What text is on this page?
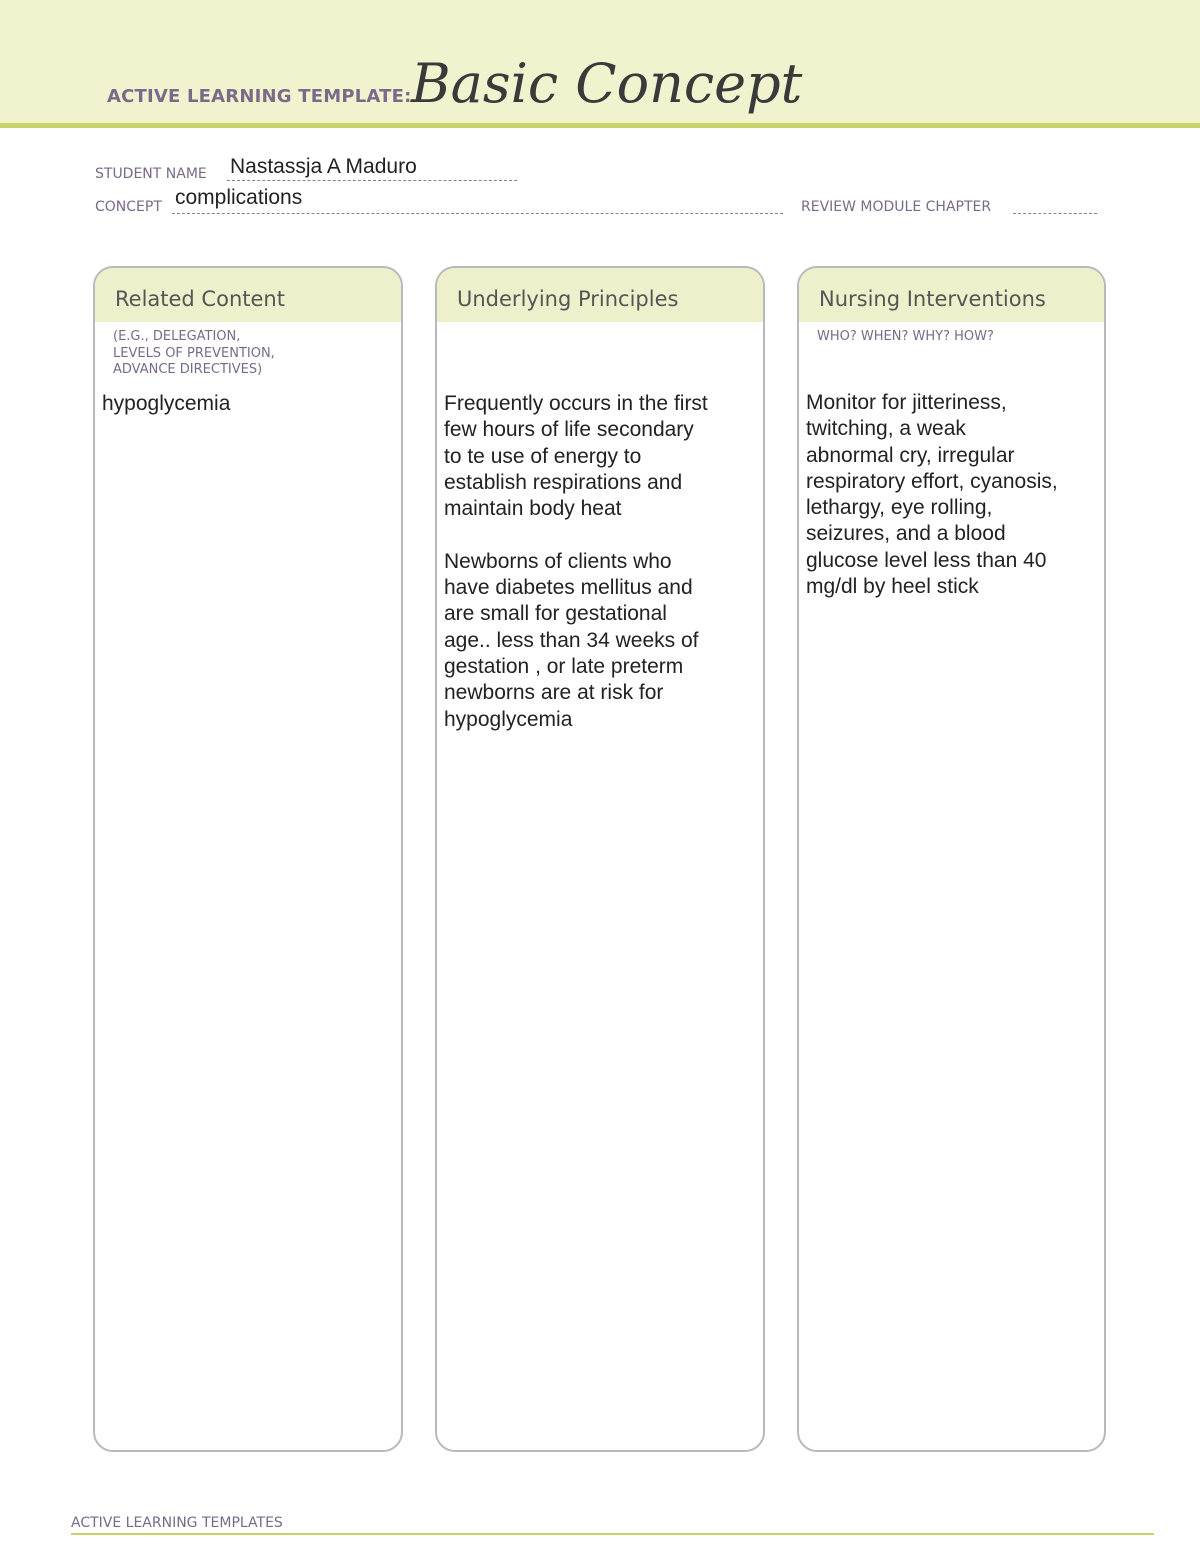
ACTIVE LEARNING TEMPLATE: Basic Concept
STUDENT NAME Nastassja A Maduro
CONCEPT complications	REVIEW MODULE CHAPTER
Related Content
(E.G., DELEGATION,
LEVELS OF PREVENTION,
ADVANCE DIRECTIVES)
hypoglycemia
Underlying Principles
Frequently occurs in the first
few hours of life secondary
to te use of energy to
establish respirations and
maintain body heat

Newborns of clients who
have diabetes mellitus and
are small for gestational
age.. less than 34 weeks of
gestation , or late preterm
newborns are at risk for
hypoglycemia
Nursing Interventions
WHO? WHEN? WHY? HOW?
Monitor for jitteriness,
twitching, a weak
abnormal cry, irregular
respiratory effort, cyanosis,
lethargy, eye rolling,
seizures, and a blood
glucose level less than 40
mg/dl by heel stick
ACTIVE LEARNING TEMPLATES
